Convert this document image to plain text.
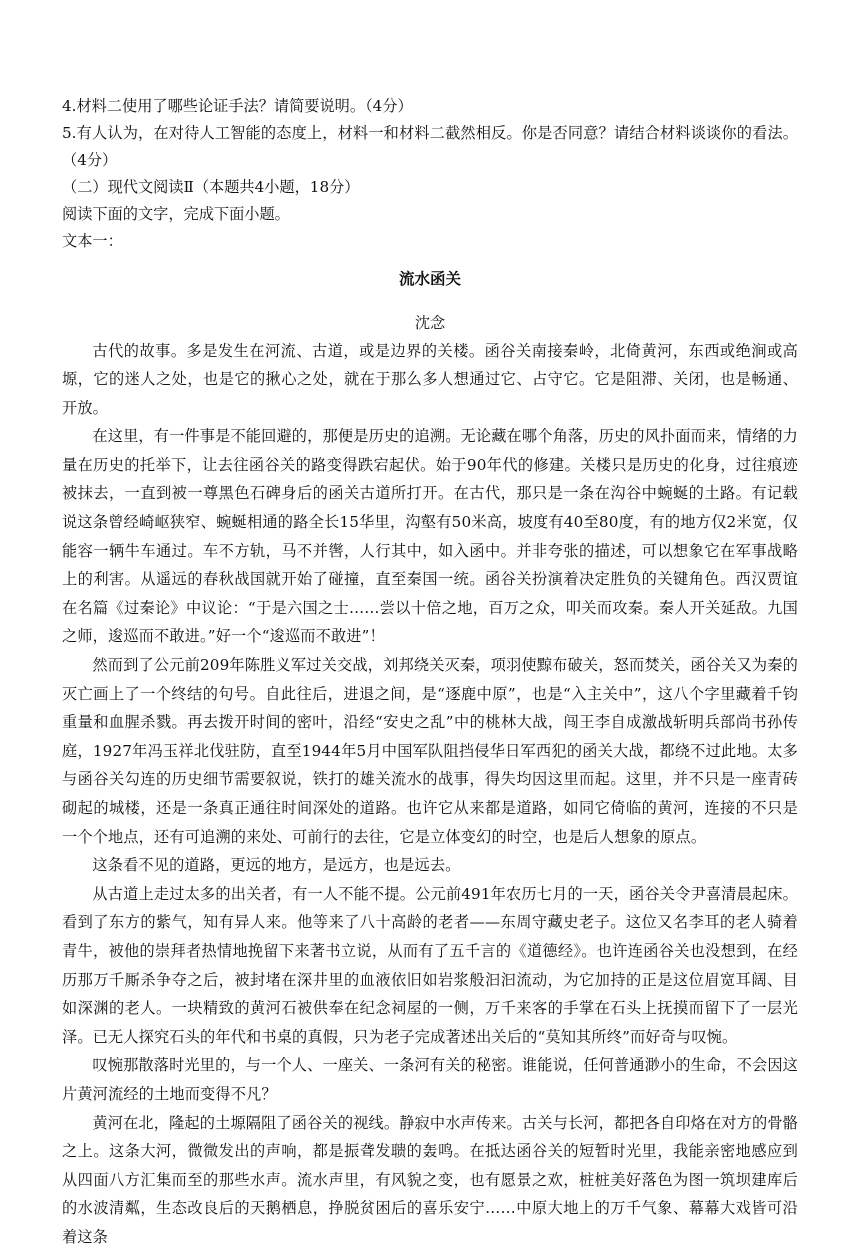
4.材料二使用了哪些论证手法？请简要说明。（4分）

5.有人认为，在对待人工智能的态度上，材料一和材料二截然相反。你是否同意？请结合材料谈谈你的看法。（4分）

（二）现代文阅读Ⅱ（本题共4小题，18分）

阅读下面的文字，完成下面小题。

文本一：

流水函关

沈念

古代的故事。多是发生在河流、古道，或是边界的关楼。函谷关南接秦岭，北倚黄河，东西或绝涧或高塬，它的迷人之处，也是它的揪心之处，就在于那么多人想通过它、占守它。它是阻滞、关闭，也是畅通、开放。

在这里，有一件事是不能回避的，那便是历史的追溯。无论藏在哪个角落，历史的风扑面而来，情绪的力量在历史的托举下，让去往函谷关的路变得跌宕起伏。始于90年代的修建。关楼只是历史的化身，过往痕迹被抹去，一直到被一尊黑色石碑身后的函关古道所打开。在古代，那只是一条在沟谷中蜿蜒的土路。有记载说这条曾经崎岖狭窄、蜿蜒相通的路全长15华里，沟壑有50米高，坡度有40至80度，有的地方仅2米宽，仅能容一辆牛车通过。车不方轨，马不并辔，人行其中，如入函中。并非夸张的描述，可以想象它在军事战略上的利害。从遥远的春秋战国就开始了碰撞，直至秦国一统。函谷关扮演着决定胜负的关键角色。西汉贾谊在名篇《过秦论》中议论：“于是六国之士……尝以十倍之地，百万之众，叩关而攻秦。秦人开关延敌。九国之师，逡巡而不敢进。”好一个“逡巡而不敢进”！

然而到了公元前209年陈胜义军过关交战，刘邦绕关灭秦，项羽使黥布破关，怒而焚关，函谷关又为秦的灭亡画上了一个终结的句号。自此往后，进退之间，是“逐鹿中原”，也是“入主关中”，这八个字里藏着千钧重量和血腥杀戮。再去拨开时间的密叶，沿经“安史之乱”中的桃林大战，闯王李自成激战斩明兵部尚书孙传庭，1927年冯玉祥北伐驻防，直至1944年5月中国军队阻挡侵华日军西犯的函关大战，都绕不过此地。太多与函谷关勾连的历史细节需要叙说，铁打的雄关流水的战事，得失均因这里而起。这里，并不只是一座青砖砌起的城楼，还是一条真正通往时间深处的道路。也许它从来都是道路，如同它倚临的黄河，连接的不只是一个个地点，还有可追溯的来处、可前行的去往，它是立体变幻的时空，也是后人想象的原点。

这条看不见的道路，更远的地方，是远方，也是远去。

从古道上走过太多的出关者，有一人不能不提。公元前491年农历七月的一天，函谷关令尹喜清晨起床。看到了东方的紫气，知有异人来。他等来了八十高龄的老者——东周守藏史老子。这位又名李耳的老人骑着青牛，被他的崇拜者热情地挽留下来著书立说，从而有了五千言的《道德经》。也许连函谷关也没想到，在经历那万千厮杀争夺之后，被封堵在深井里的血液依旧如岩浆般汩汩流动，为它加持的正是这位眉宽耳阔、目如深渊的老人。一块精致的黄河石被供奉在纪念祠屋的一侧，万千来客的手掌在石头上抚摸而留下了一层光泽。已无人探究石头的年代和书桌的真假，只为老子完成著述出关后的“莫知其所终”而好奇与叹惋。

叹惋那散落时光里的，与一个人、一座关、一条河有关的秘密。谁能说，任何普通渺小的生命，不会因这片黄河流经的土地而变得不凡？

黄河在北，隆起的土塬隔阻了函谷关的视线。静寂中水声传来。古关与长河，都把各自印烙在对方的骨骼之上。这条大河，微微发出的声响，都是振聋发聩的轰鸣。在抵达函谷关的短暂时光里，我能亲密地感应到从四面八方汇集而至的那些水声。流水声里，有风貌之变，也有愿景之欢，桩桩美好落色为图一筑坝建库后的水波清粼，生态改良后的天鹅栖息，挣脱贫困后的喜乐安宁……中原大地上的万千气象、幕幕大戏皆可沿着这条
